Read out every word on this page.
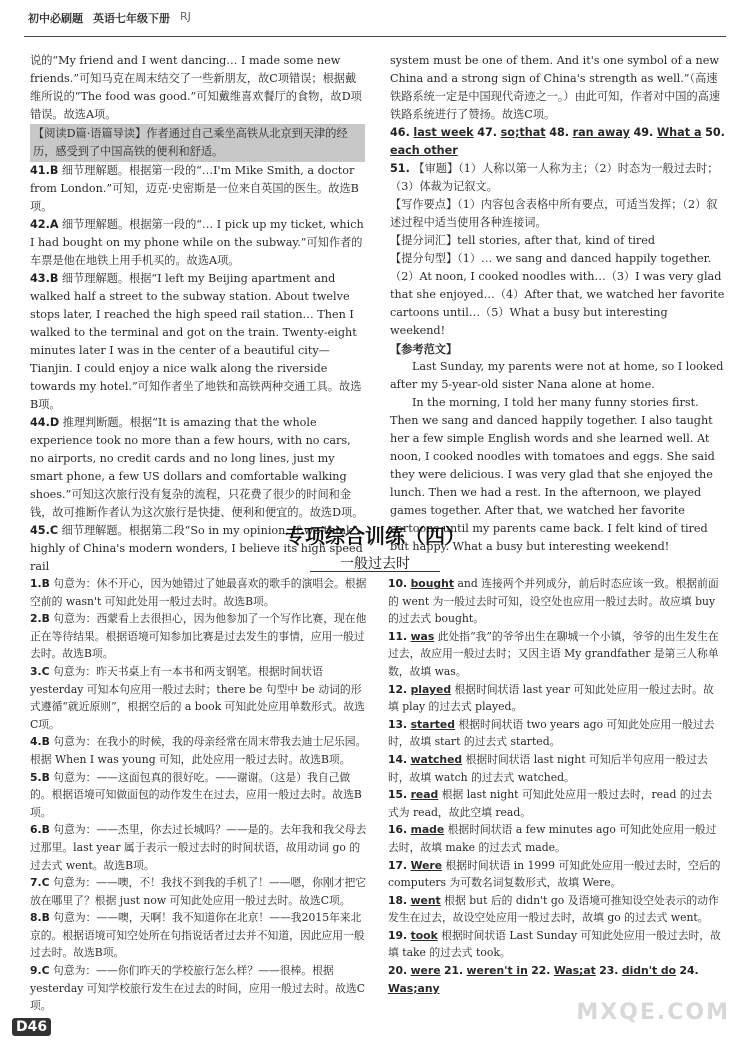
初中必刷题 英语七年级下册 RJ

说的“My friend and I went dancing… I made some new friends.”可知马克在周末结交了一些新朋友，故C项错误；根据戴维所说的“The food was good.”可知戴维喜欢餐厅的食物，故D项错误。故选A项。

【阅读D篇·语篇导读】作者通过自己乘坐高铁从北京到天津的经历，感受到了中国高铁的便利和舒适。

41.B 细节理解题。根据第一段的“…I'm Mike Smith, a doctor from London.”可知，迈克·史密斯是一位来自英国的医生。故选B项。

42.A 细节理解题。根据第一段的“… I pick up my ticket, which I had bought on my phone while on the subway.”可知作者的车票是他在地铁上用手机买的。故选A项。

43.B 细节理解题。根据“I left my Beijing apartment and walked half a street to the subway station. About twelve stops later, I reached the high speed rail station… Then I walked to the terminal and got on the train. Twenty-eight minutes later I was in the center of a beautiful city—Tianjin. I could enjoy a nice walk along the riverside towards my hotel.”可知作者坐了地铁和高铁两种交通工具。故选B项。

44.D 推理判断题。根据“It is amazing that the whole experience took no more than a few hours, with no cars, no airports, no credit cards and no long lines, just my smart phone, a few US dollars and comfortable walking shoes.”可知这次旅行没有复杂的流程，只花费了很少的时间和金钱，故可推断作者认为这次旅行是快捷、便利和便宜的。故选D项。

45.C 细节理解题。根据第二段“So in my opinion, if we think highly of China's modern wonders, I believe its high speed rail

system must be one of them. And it's one symbol of a new China and a strong sign of China's strength as well.”（高速铁路系统一定是中国现代奇迹之一。）由此可知，作者对中国的高速铁路系统进行了赞扬。故选C项。

46. last week 47. so;that 48. ran away 49. What a 50. each other

51. 【审题】（1）人称以第一人称为主；（2）时态为一般过去时；（3）体裁为记叙文。

【写作要点】（1）内容包含表格中所有要点，可适当发挥；（2）叙述过程中适当使用各种连接词。

【提分词汇】tell stories, after that, kind of tired

【提分句型】（1）… we sang and danced happily together.（2）At noon, I cooked noodles with…（3）I was very glad that she enjoyed…（4）After that, we watched her favorite cartoons until…（5）What a busy but interesting weekend!

【参考范文】

Last Sunday, my parents were not at home, so I looked after my 5-year-old sister Nana alone at home.

In the morning, I told her many funny stories first. Then we sang and danced happily together. I also taught her a few simple English words and she learned well. At noon, I cooked noodles with tomatoes and eggs. She said they were delicious. I was very glad that she enjoyed the lunch. Then we had a rest. In the afternoon, we played games together. After that, we watched her favorite cartoons until my parents came back. I felt kind of tired but happy. What a busy but interesting weekend!

专项综合训练（四）
一般过去时

1.B 句意为：休不开心，因为她错过了她最喜欢的歌手的演唱会。根据空前的 wasn't 可知此处用一般过去时。故选B项。

2.B 句意为：西蒙看上去很担心，因为他参加了一个写作比赛，现在他正在等待结果。根据语境可知参加比赛是过去发生的事情，应用一般过去时。故选B项。

3.C 句意为：昨天书桌上有一本书和两支钢笔。根据时间状语 yesterday 可知本句应用一般过去时；there be 句型中 be 动词的形式遵循“就近原则”，根据空后的 a book 可知此处应用单数形式。故选C项。

4.B 句意为：在我小的时候，我的母亲经常在周末带我去迪士尼乐园。根据 When I was young 可知，此处应用一般过去时。故选B项。

5.B 句意为：——这面包真的很好吃。——谢谢。（这是）我自己做的。根据语境可知做面包的动作发生在过去，应用一般过去时。故选B项。

6.B 句意为：——杰里，你去过长城吗？——是的。去年我和我父母去过那里。last year 属于表示一般过去时的时间状语，故用动词 go 的过去式 went。故选B项。

7.C 句意为：——噢，不！我找不到我的手机了！——嗯，你刚才把它放在哪里了？根据 just now 可知此处应用一般过去时。故选C项。

8.B 句意为：——噢，天啊！我不知道你在北京！——我2015年来北京的。根据语境可知空处所在句指说话者过去并不知道，因此应用一般过去时。故选B项。

9.C 句意为：——你们昨天的学校旅行怎么样？——很棒。根据 yesterday 可知学校旅行发生在过去的时间，应用一般过去时。故选C项。

10. bought and 连接两个并列成分，前后时态应该一致。根据前面的 went 为一般过去时可知，设空处也应用一般过去时。故应填 buy 的过去式 bought。

11. was 此处指“我”的爷爷出生在聊城一个小镇，爷爷的出生发生在过去，故应用一般过去时；又因主语 My grandfather 是第三人称单数，故填 was。

12. played 根据时间状语 last year 可知此处应用一般过去时。故填 play 的过去式 played。

13. started 根据时间状语 two years ago 可知此处应用一般过去时，故填 start 的过去式 started。

14. watched 根据时间状语 last night 可知后半句应用一般过去时，故填 watch 的过去式 watched。

15. read 根据 last night 可知此处应用一般过去时，read 的过去式为 read，故此空填 read。

16. made 根据时间状语 a few minutes ago 可知此处应用一般过去时，故填 make 的过去式 made。

17. Were 根据时间状语 in 1999 可知此处应用一般过去时，空后的 computers 为可数名词复数形式，故填 Were。

18. went 根据 but 后的 didn't go 及语境可推知设空处表示的动作发生在过去，故设空处应用一般过去时，故填 go 的过去式 went。

19. took 根据时间状语 Last Sunday 可知此处应用一般过去时，故填 take 的过去式 took。

20. were 21. weren't in 22. Was;at 23. didn't do 24. Was;any

D46
MXQE.COM
